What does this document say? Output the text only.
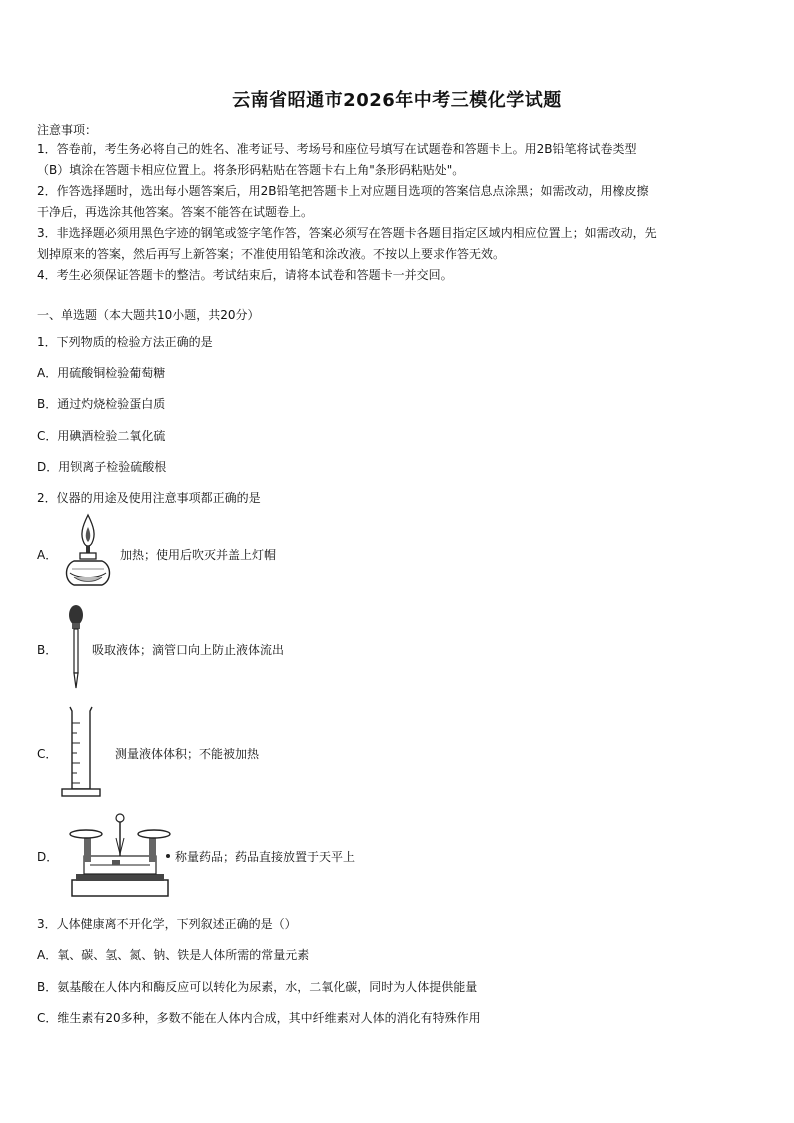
云南省昭通市2026年中考三模化学试题
注意事项：
1．答卷前，考生务必将自己的姓名、准考证号、考场号和座位号填写在试题卷和答题卡上。用2B铅笔将试卷类型
（B）填涂在答题卡相应位置上。将条形码粘贴在答题卡右上角"条形码粘贴处"。
2．作答选择题时，选出每小题答案后，用2B铅笔把答题卡上对应题目选项的答案信息点涂黑；如需改动，用橡皮擦
干净后，再选涂其他答案。答案不能答在试题卷上。
3．非选择题必须用黑色字迹的钢笔或签字笔作答，答案必须写在答题卡各题目指定区域内相应位置上；如需改动，先
划掉原来的答案，然后再写上新答案；不准使用铅笔和涂改液。不按以上要求作答无效。
4．考生必须保证答题卡的整洁。考试结束后，请将本试卷和答题卡一并交回。
一、单选题（本大题共10小题，共20分）
1．下列物质的检验方法正确的是
A．用硫酸铜检验葡萄糖
B．通过灼烧检验蛋白质
C．用碘酒检验二氧化硫
D．用钡离子检验硫酸根
2．仪器的用途及使用注意事项都正确的是
A．	加热；使用后吹灭并盖上灯帽
B．	吸取液体；滴管口向上防止液体流出
C．	测量液体体积；不能被加热
D．	称量药品；药品直接放置于天平上
3．人体健康离不开化学，下列叙述正确的是（）
A．氧、碳、氢、氮、钠、铁是人体所需的常量元素
B．氨基酸在人体内和酶反应可以转化为尿素，水，二氧化碳，同时为人体提供能量
C．维生素有20多种，多数不能在人体内合成，其中纤维素对人体的消化有特殊作用
